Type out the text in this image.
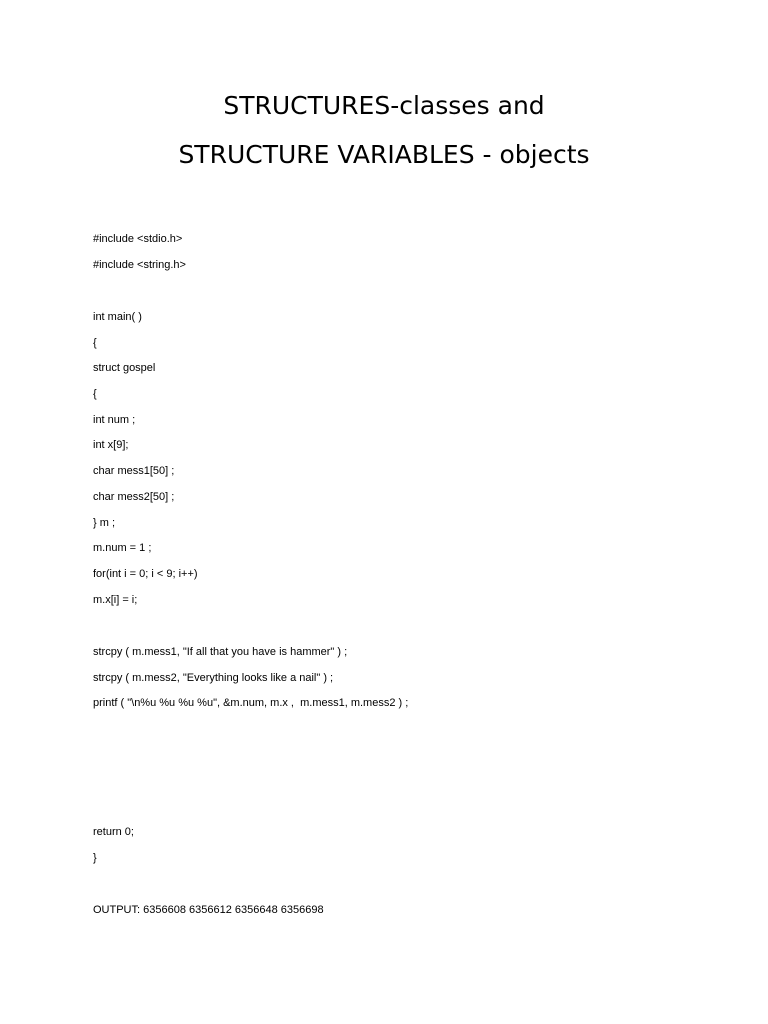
STRUCTURES-classes and
STRUCTURE VARIABLES - objects

#include <stdio.h>

#include <string.h>

int main( )

{

struct gospel

{

int num ;

int x[9];

char mess1[50] ;

char mess2[50] ;

} m ;

m.num = 1 ;

for(int i = 0; i < 9; i++)

m.x[i] = i;

strcpy ( m.mess1, "If all that you have is hammer" ) ;

strcpy ( m.mess2, "Everything looks like a nail" ) ;

printf ( "\n%u %u %u %u", &m.num, m.x ,  m.mess1, m.mess2 ) ;

return 0;

}

OUTPUT: 6356608 6356612 6356648 6356698
